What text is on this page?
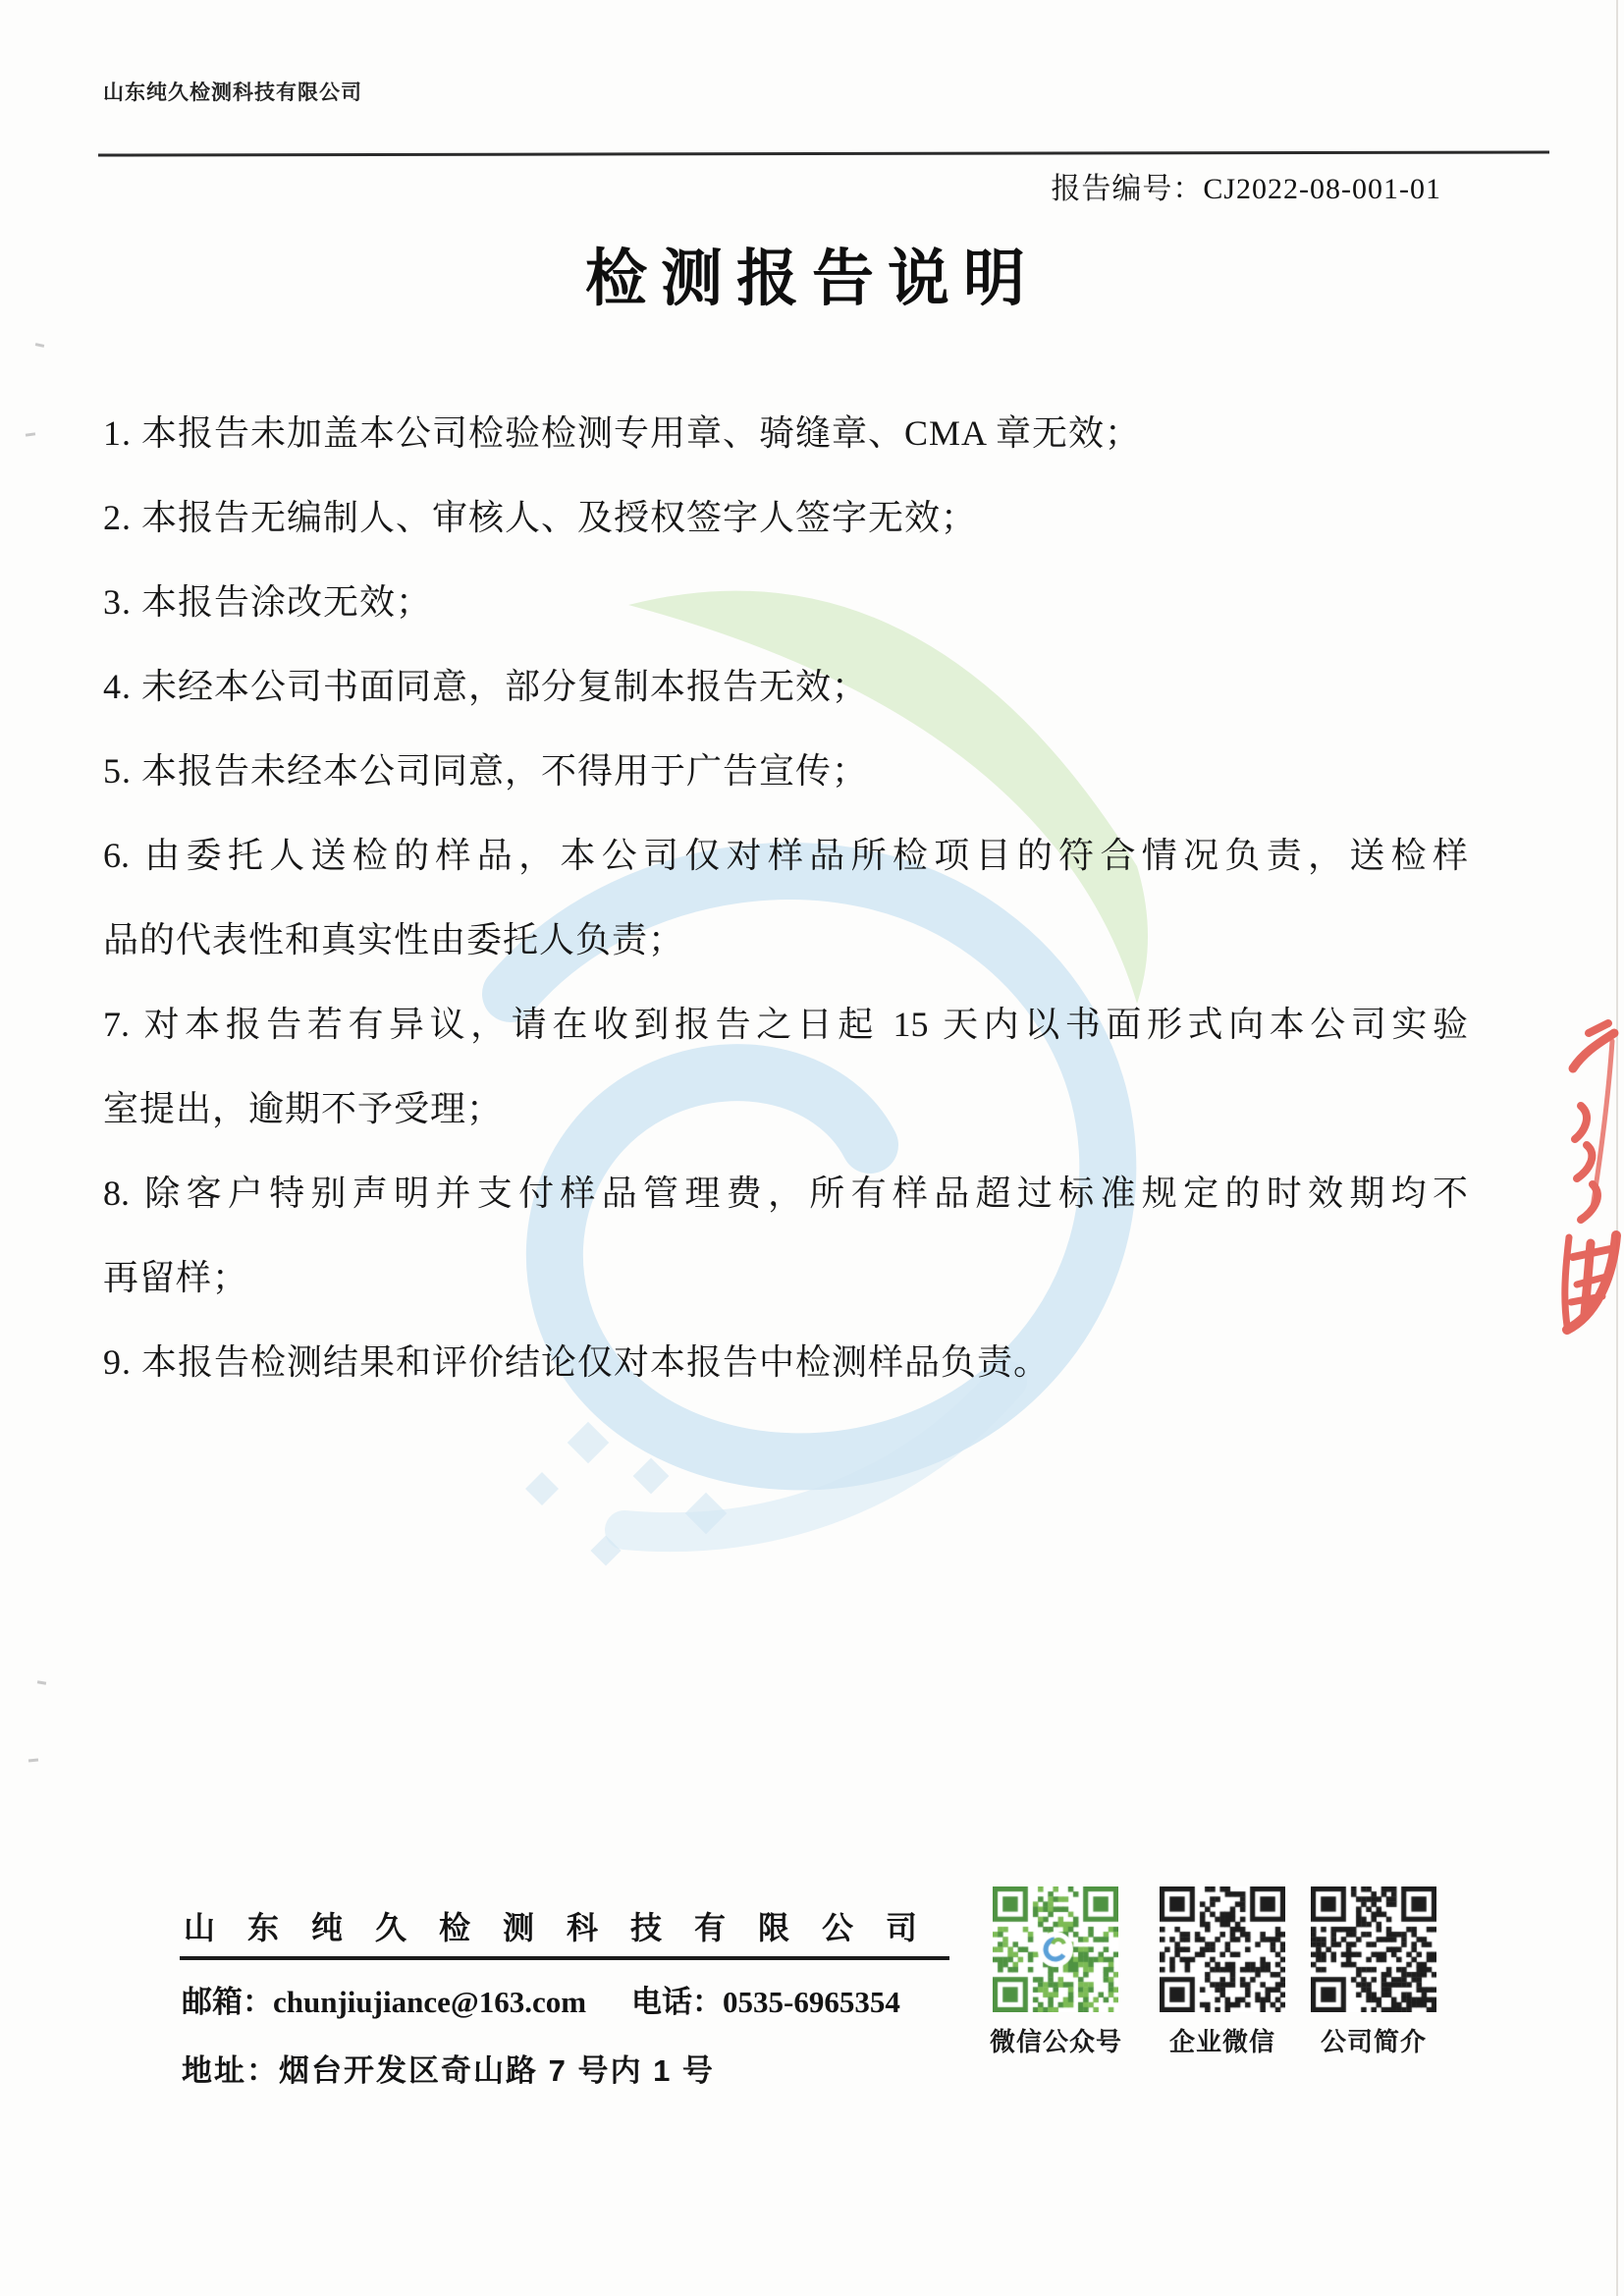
山东纯久检测科技有限公司
报告编号：CJ2022-08-001-01
检测报告说明
1. 本报告未加盖本公司检验检测专用章、骑缝章、CMA 章无效；
2. 本报告无编制人、审核人、及授权签字人签字无效；
3. 本报告涂改无效；
4. 未经本公司书面同意，部分复制本报告无效；
5. 本报告未经本公司同意，不得用于广告宣传；
6. 由委托人送检的样品，本公司仅对样品所检项目的符合情况负责，送检样
品的代表性和真实性由委托人负责；
7. 对本报告若有异议，请在收到报告之日起 15 天内以书面形式向本公司实验
室提出，逾期不予受理；
8. 除客户特别声明并支付样品管理费，所有样品超过标准规定的时效期均不
再留样；
9. 本报告检测结果和评价结论仅对本报告中检测样品负责。
山东纯久检测科技有限公司
邮箱：chunjiujiance@163.com 电话：0535-6965354
地址：烟台开发区奇山路 7 号内 1 号
微信公众号	企业微信	公司简介
